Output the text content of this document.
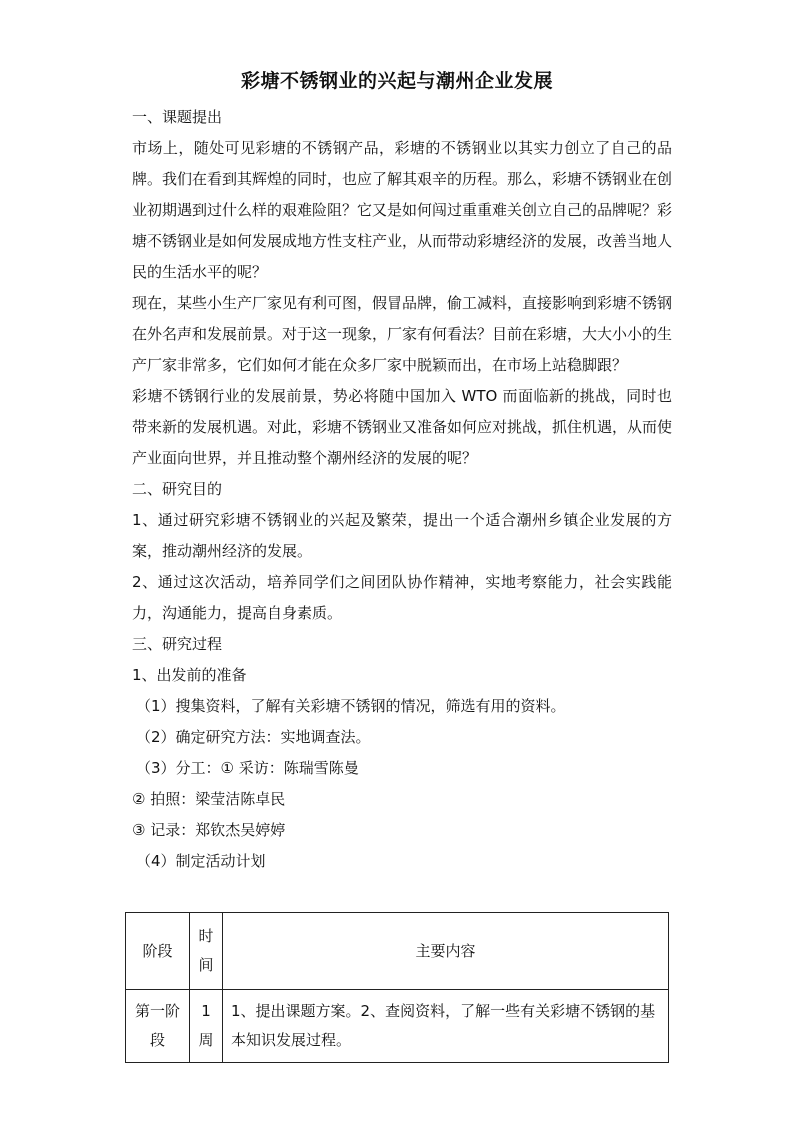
彩塘不锈钢业的兴起与潮州企业发展

一、课题提出

市场上，随处可见彩塘的不锈钢产品，彩塘的不锈钢业以其实力创立了自己的品牌。我们在看到其辉煌的同时，也应了解其艰辛的历程。那么，彩塘不锈钢业在创业初期遇到过什么样的艰难险阻？它又是如何闯过重重难关创立自己的品牌呢？彩塘不锈钢业是如何发展成地方性支柱产业，从而带动彩塘经济的发展，改善当地人民的生活水平的呢？

现在，某些小生产厂家见有利可图，假冒品牌，偷工减料，直接影响到彩塘不锈钢在外名声和发展前景。对于这一现象，厂家有何看法？目前在彩塘，大大小小的生产厂家非常多，它们如何才能在众多厂家中脱颖而出，在市场上站稳脚跟？

彩塘不锈钢行业的发展前景，势必将随中国加入 WTO 而面临新的挑战，同时也带来新的发展机遇。对此，彩塘不锈钢业又准备如何应对挑战，抓住机遇，从而使产业面向世界，并且推动整个潮州经济的发展的呢？

二、研究目的

1、通过研究彩塘不锈钢业的兴起及繁荣，提出一个适合潮州乡镇企业发展的方案，推动潮州经济的发展。

2、通过这次活动，培养同学们之间团队协作精神，实地考察能力，社会实践能力，沟通能力，提高自身素质。

三、研究过程

1、出发前的准备

（1）搜集资料，了解有关彩塘不锈钢的情况，筛选有用的资料。

（2）确定研究方法：实地调查法。

（3）分工：① 采访：陈瑞雪陈曼

② 拍照：梁莹洁陈卓民

③ 记录：郑钦杰吴婷婷

（4）制定活动计划

阶段	时间	主要内容
第一阶段	1周	1、提出课题方案。2、查阅资料，了解一些有关彩塘不锈钢的基本知识发展过程。
